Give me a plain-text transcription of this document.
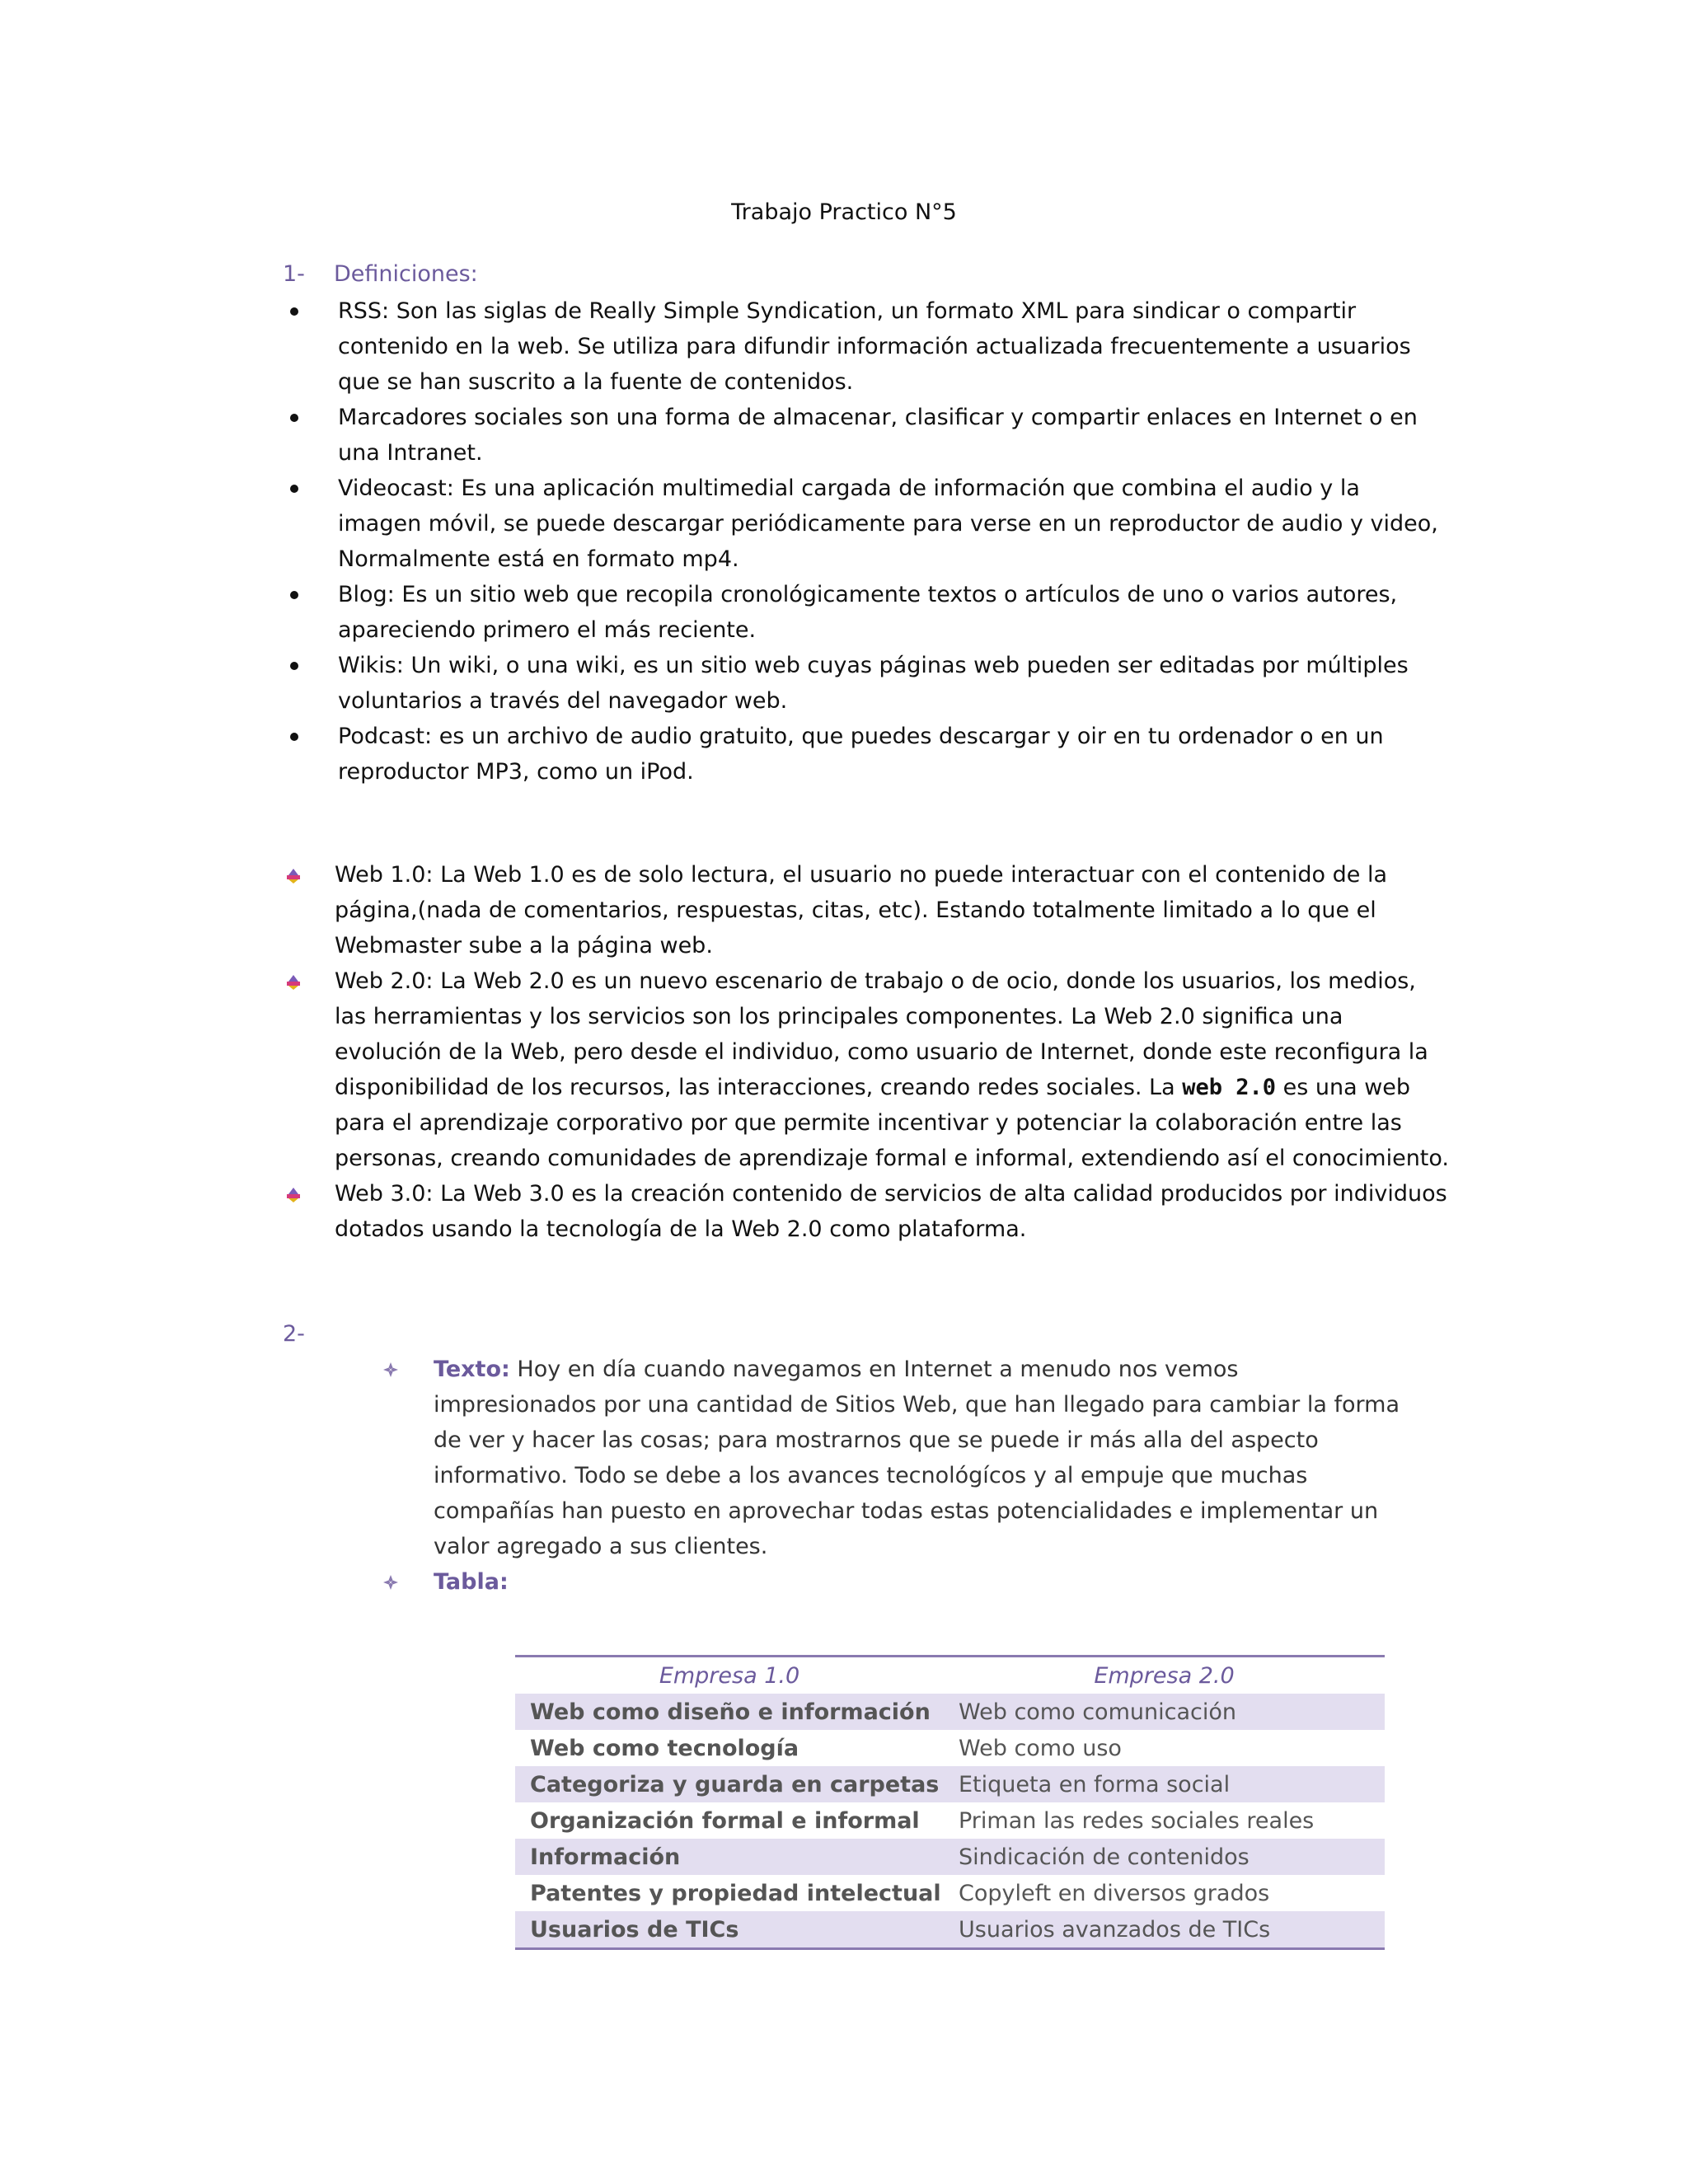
Trabajo Practico N°5
1- Definiciones:
RSS: Son las siglas de Really Simple Syndication, un formato XML para sindicar o compartir contenido en la web. Se utiliza para difundir información actualizada frecuentemente a usuarios que se han suscrito a la fuente de contenidos.
Marcadores sociales son una forma de almacenar, clasificar y compartir enlaces en Internet o en una Intranet.
Videocast: Es una aplicación multimedial cargada de información que combina el audio y la imagen móvil, se puede descargar periódicamente para verse en un reproductor de audio y video, Normalmente está en formato mp4.
Blog: Es un sitio web que recopila cronológicamente textos o artículos de uno o varios autores, apareciendo primero el más reciente.
Wikis: Un wiki, o una wiki, es un sitio web cuyas páginas web pueden ser editadas por múltiples voluntarios a través del navegador web.
Podcast: es un archivo de audio gratuito, que puedes descargar y oir en tu ordenador o en un reproductor MP3, como un iPod.
Web 1.0: La Web 1.0 es de solo lectura, el usuario no puede interactuar con el contenido de la página,(nada de comentarios, respuestas, citas, etc). Estando totalmente limitado a lo que el Webmaster sube a la página web.
Web 2.0: La Web 2.0 es un nuevo escenario de trabajo o de ocio, donde los usuarios, los medios, las herramientas y los servicios son los principales componentes. La Web 2.0 significa una evolución de la Web, pero desde el individuo, como usuario de Internet, donde este reconfigura la disponibilidad de los recursos, las interacciones, creando redes sociales. La web 2.0 es una web para el aprendizaje corporativo por que permite incentivar y potenciar la colaboración entre las personas, creando comunidades de aprendizaje formal e informal, extendiendo así el conocimiento.
Web 3.0: La Web 3.0 es la creación contenido de servicios de alta calidad producidos por individuos dotados usando la tecnología de la Web 2.0 como plataforma.
2-
Texto: Hoy en día cuando navegamos en Internet a menudo nos vemos impresionados por una cantidad de Sitios Web, que han llegado para cambiar la forma de ver y hacer las cosas; para mostrarnos que se puede ir más alla del aspecto informativo. Todo se debe a los avances tecnológícos y al empuje que muchas compañías han puesto en aprovechar todas estas potencialidades e implementar un valor agregado a sus clientes.
Tabla:
Empresa 1.0	Empresa 2.0
Web como diseño e información	Web como comunicación
Web como tecnología	Web como uso
Categoriza y guarda en carpetas	Etiqueta en forma social
Organización formal e informal	Priman las redes sociales reales
Información	Sindicación de contenidos
Patentes y propiedad intelectual	Copyleft en diversos grados
Usuarios de TICs	Usuarios avanzados de TICs
